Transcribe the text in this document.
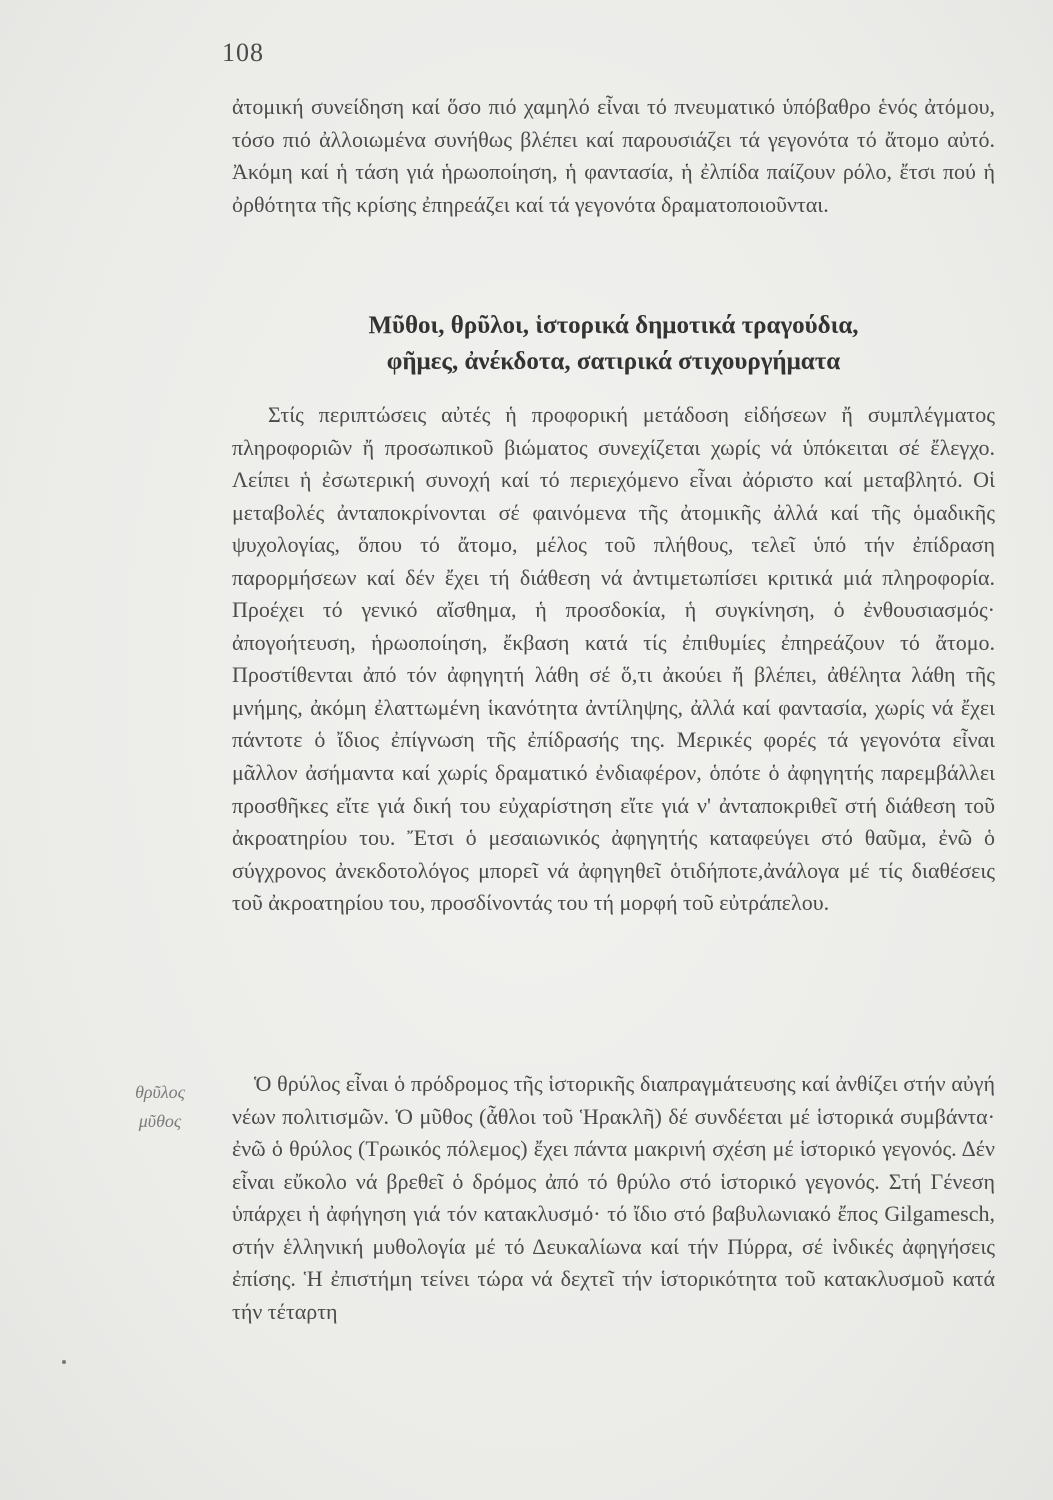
108

ἀτομική συνείδηση καί ὅσο πιό χαμηλό εἶναι τό πνευματικό ὑπόβαθρο ἑνός ἀτόμου, τόσο πιό ἀλλοιωμένα συνήθως βλέπει καί παρουσιάζει τά γεγονότα τό ἄτομο αὐτό. Ἀκόμη καί ἡ τάση γιά ἡρωοποίηση, ἡ φαντασία, ἡ ἐλπίδα παίζουν ρόλο, ἔτσι πού ἡ ὀρθότητα τῆς κρίσης ἐπηρεάζει καί τά γεγονότα δραματοποιοῦνται.

Μῦθοι, θρῦλοι, ἱστορικά δημοτικά τραγούδια,
φῆμες, ἀνέκδοτα, σατιρικά στιχουργήματα

Στίς περιπτώσεις αὐτές ἡ προφορική μετάδοση εἰδήσεων ἤ συμπλέγματος πληροφοριῶν ἤ προσωπικοῦ βιώματος συνεχίζεται χωρίς νά ὑπόκειται σέ ἔλεγχο. Λείπει ἡ ἐσωτερική συνοχή καί τό περιεχόμενο εἶναι ἀόριστο καί μεταβλητό. Οἱ μεταβολές ἀνταποκρίνονται σέ φαινόμενα τῆς ἀτομικῆς ἀλλά καί τῆς ὁμαδικῆς ψυχολογίας, ὅπου τό ἄτομο, μέλος τοῦ πλήθους, τελεῖ ὑπό τήν ἐπίδραση παρορμήσεων καί δέν ἔχει τή διάθεση νά ἀντιμετωπίσει κριτικά μιά πληροφορία. Προέχει τό γενικό αἴσθημα, ἡ προσδοκία, ἡ συγκίνηση, ὁ ἐνθουσιασμός· ἀπογοήτευση, ἡρωοποίηση, ἔκβαση κατά τίς ἐπιθυμίες ἐπηρεάζουν τό ἄτομο. Προστίθενται ἀπό τόν ἀφηγητή λάθη σέ ὅ,τι ἀκούει ἤ βλέπει, ἀθέλητα λάθη τῆς μνήμης, ἀκόμη ἐλαττωμένη ἱκανότητα ἀντίληψης, ἀλλά καί φαντασία, χωρίς νά ἔχει πάντοτε ὁ ἴδιος ἐπίγνωση τῆς ἐπίδρασής της. Μερικές φορές τά γεγονότα εἶναι μᾶλλον ἀσήμαντα καί χωρίς δραματικό ἐνδιαφέρον, ὁπότε ὁ ἀφηγητής παρεμβάλλει προσθῆκες εἴτε γιά δική του εὐχαρίστηση εἴτε γιά ν' ἀνταποκριθεῖ στή διάθεση τοῦ ἀκροατηρίου του. Ἔτσι ὁ μεσαιωνικός ἀφηγητής καταφεύγει στό θαῦμα, ἐνῶ ὁ σύγχρονος ἀνεκδοτολόγος μπορεῖ νά ἀφηγηθεῖ ὁτιδήποτε,ἀνάλογα μέ τίς διαθέσεις τοῦ ἀκροατηρίου του, προσδίνοντάς του τή μορφή τοῦ εὐτράπελου.

θρῦλος
μῦθος

Ὁ θρύλος εἶναι ὁ πρόδρομος τῆς ἱστορικῆς διαπραγμάτευσης καί ἀνθίζει στήν αὐγή νέων πολιτισμῶν. Ὁ μῦθος (ἆθλοι τοῦ Ἡρακλῆ) δέ συνδέεται μέ ἱστορικά συμβάντα· ἐνῶ ὁ θρύλος (Τρωικός πόλεμος) ἔχει πάντα μακρινή σχέση μέ ἱστορικό γεγονός. Δέν εἶναι εὔκολο νά βρεθεῖ ὁ δρόμος ἀπό τό θρύλο στό ἱστορικό γεγονός. Στή Γένεση ὑπάρχει ἡ ἀφήγηση γιά τόν κατακλυσμό· τό ἴδιο στό βαβυλωνιακό ἔπος Gilgamesch, στήν ἑλληνική μυθολογία μέ τό Δευκαλίωνα καί τήν Πύρρα, σέ ἰνδικές ἀφηγήσεις ἐπίσης. Ἡ ἐπιστήμη τείνει τώρα νά δεχτεῖ τήν ἱστορικότητα τοῦ κατακλυσμοῦ κατά τήν τέταρτη
